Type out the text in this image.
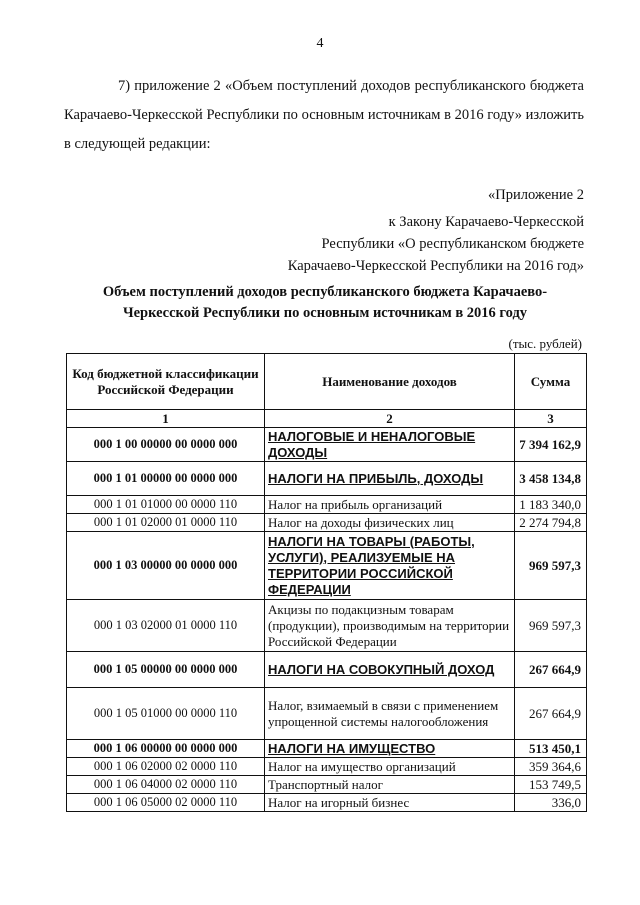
4

7) приложение 2 «Объем поступлений доходов республиканского бюджета Карачаево-Черкесской Республики по основным источникам в 2016 году» изложить в следующей редакции:

«Приложение 2
к Закону Карачаево-Черкесской
Республики «О республиканском бюджете
Карачаево-Черкесской Республики на 2016 год»
Объем поступлений доходов республиканского бюджета Карачаево-
Черкесской Республики по основным источникам в 2016 году
(тыс. рублей)
Код бюджетной классификации Российской Федерации	Наименование доходов	Сумма
1	2	3
000 1 00 00000 00 0000 000	НАЛОГОВЫЕ И НЕНАЛОГОВЫЕ ДОХОДЫ	7 394 162,9
000 1 01 00000 00 0000 000	НАЛОГИ НА ПРИБЫЛЬ, ДОХОДЫ	3 458 134,8
000 1 01 01000 00 0000 110	Налог на прибыль организаций	1 183 340,0
000 1 01 02000 01 0000 110	Налог на доходы физических лиц	2 274 794,8
000 1 03 00000 00 0000 000	НАЛОГИ НА ТОВАРЫ (РАБОТЫ, УСЛУГИ), РЕАЛИЗУЕМЫЕ НА ТЕРРИТОРИИ РОССИЙСКОЙ ФЕДЕРАЦИИ	969 597,3
000 1 03 02000 01 0000 110	Акцизы по подакцизным товарам (продукции), производимым на территории Российской Федерации	969 597,3
000 1 05 00000 00 0000 000	НАЛОГИ НА СОВОКУПНЫЙ ДОХОД	267 664,9
000 1 05 01000 00 0000 110	Налог, взимаемый в связи с применением упрощенной системы налогообложения	267 664,9
000 1 06 00000 00 0000 000	НАЛОГИ НА ИМУЩЕСТВО	513 450,1
000 1 06 02000 02 0000 110	Налог на имущество организаций	359 364,6
000 1 06 04000 02 0000 110	Транспортный налог	153 749,5
000 1 06 05000 02 0000 110	Налог на игорный бизнес	336,0
